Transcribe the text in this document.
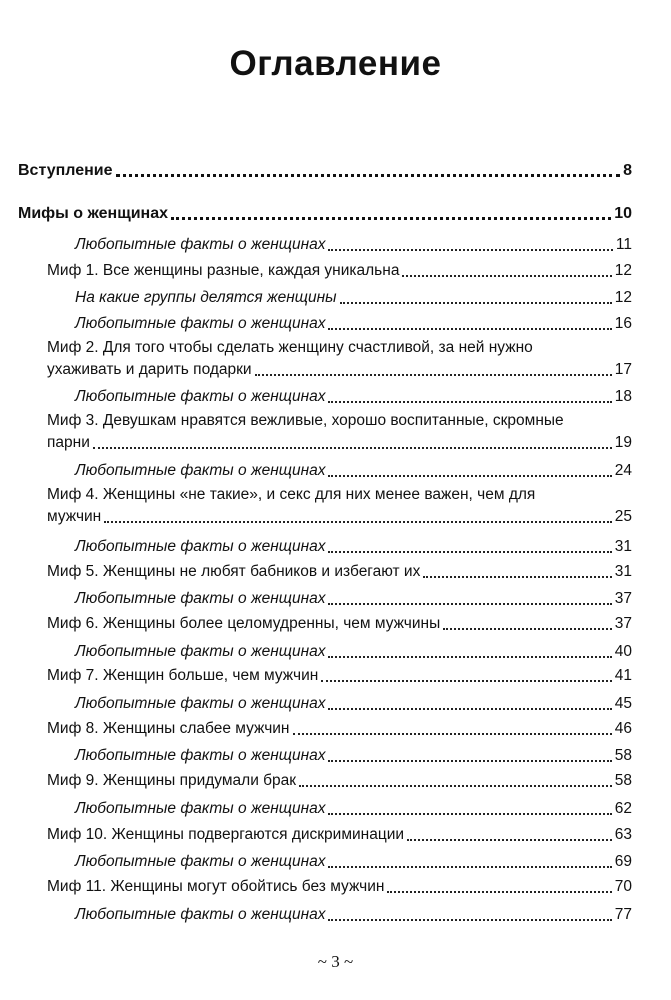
Оглавление
Вступление	8
Мифы о женщинах	10
Любопытные факты о женщинах	11
Миф 1. Все женщины разные, каждая уникальна	12
На какие группы делятся женщины	12
Любопытные факты о женщинах	16
Миф 2. Для того чтобы сделать женщину счастливой, за ней нужно
ухаживать и дарить подарки	17
Любопытные факты о женщинах	18
Миф 3. Девушкам нравятся вежливые, хорошо воспитанные, скромные
парни	19
Любопытные факты о женщинах	24
Миф 4. Женщины «не такие», и секс для них менее важен, чем для
мужчин	25
Любопытные факты о женщинах	31
Миф 5. Женщины не любят бабников и избегают их	31
Любопытные факты о женщинах	37
Миф 6. Женщины более целомудренны, чем мужчины	37
Любопытные факты о женщинах	40
Миф 7. Женщин больше, чем мужчин	41
Любопытные факты о женщинах	45
Миф 8. Женщины слабее мужчин	46
Любопытные факты о женщинах	58
Миф 9. Женщины придумали брак	58
Любопытные факты о женщинах	62
Миф 10. Женщины подвергаются дискриминации	63
Любопытные факты о женщинах	69
Миф 11. Женщины могут обойтись без мужчин	70
Любопытные факты о женщинах	77
~ 3 ~
